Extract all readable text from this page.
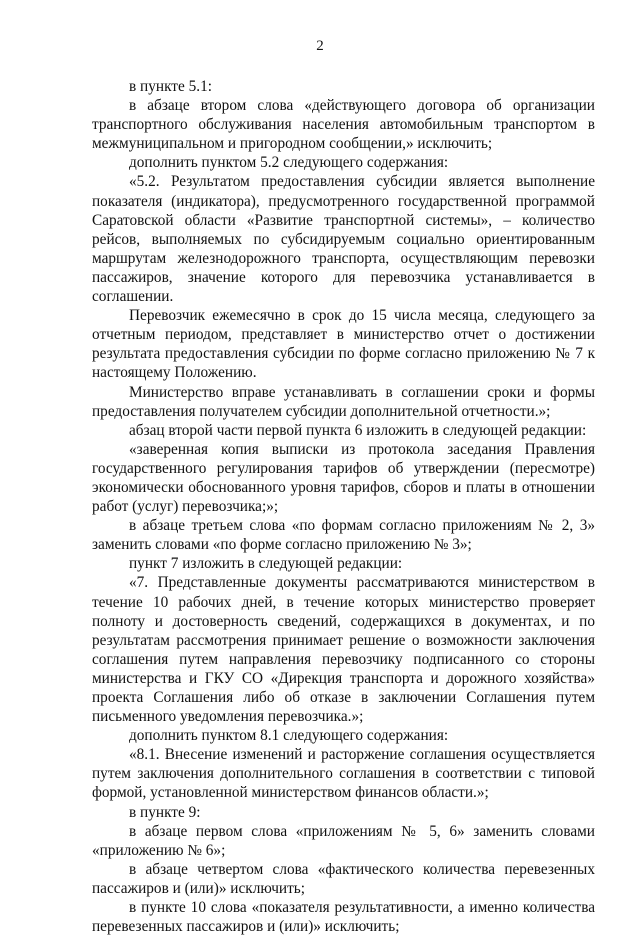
2

в пункте 5.1:

в абзаце втором слова «действующего договора об организации транспортного обслуживания населения автомобильным транспортом в межмуниципальном и пригородном сообщении,» исключить;

дополнить пунктом 5.2 следующего содержания:

«5.2. Результатом предоставления субсидии является выполнение показателя (индикатора), предусмотренного государственной программой Саратовской области «Развитие транспортной системы», – количество рейсов, выполняемых по субсидируемым социально ориентированным маршрутам железнодорожного транспорта, осуществляющим перевозки пассажиров, значение которого для перевозчика устанавливается в соглашении.

Перевозчик ежемесячно в срок до 15 числа месяца, следующего за отчетным периодом, представляет в министерство отчет о достижении результата предоставления субсидии по форме согласно приложению № 7 к настоящему Положению.

Министерство вправе устанавливать в соглашении сроки и формы предоставления получателем субсидии дополнительной отчетности.»;

абзац второй части первой пункта 6 изложить в следующей редакции:

«заверенная копия выписки из протокола заседания Правления государственного регулирования тарифов об утверждении (пересмотре) экономически обоснованного уровня тарифов, сборов и платы в отношении работ (услуг) перевозчика;»;

в абзаце третьем слова «по формам согласно приложениям № 2, 3» заменить словами «по форме согласно приложению № 3»;

пункт 7 изложить в следующей редакции:

«7. Представленные документы рассматриваются министерством в течение 10 рабочих дней, в течение которых министерство проверяет полноту и достоверность сведений, содержащихся в документах, и по результатам рассмотрения принимает решение о возможности заключения соглашения путем направления перевозчику подписанного со стороны министерства и ГКУ СО «Дирекция транспорта и дорожного хозяйства» проекта Соглашения либо об отказе в заключении Соглашения путем письменного уведомления перевозчика.»;

дополнить пунктом 8.1 следующего содержания:

«8.1. Внесение изменений и расторжение соглашения осуществляется путем заключения дополнительного соглашения в соответствии с типовой формой, установленной министерством финансов области.»;

в пункте 9:

в абзаце первом слова «приложениям № 5, 6» заменить словами «приложению № 6»;

в абзаце четвертом слова «фактического количества перевезенных пассажиров и (или)» исключить;

в пункте 10 слова «показателя результативности, а именно количества перевезенных пассажиров и (или)» исключить;
